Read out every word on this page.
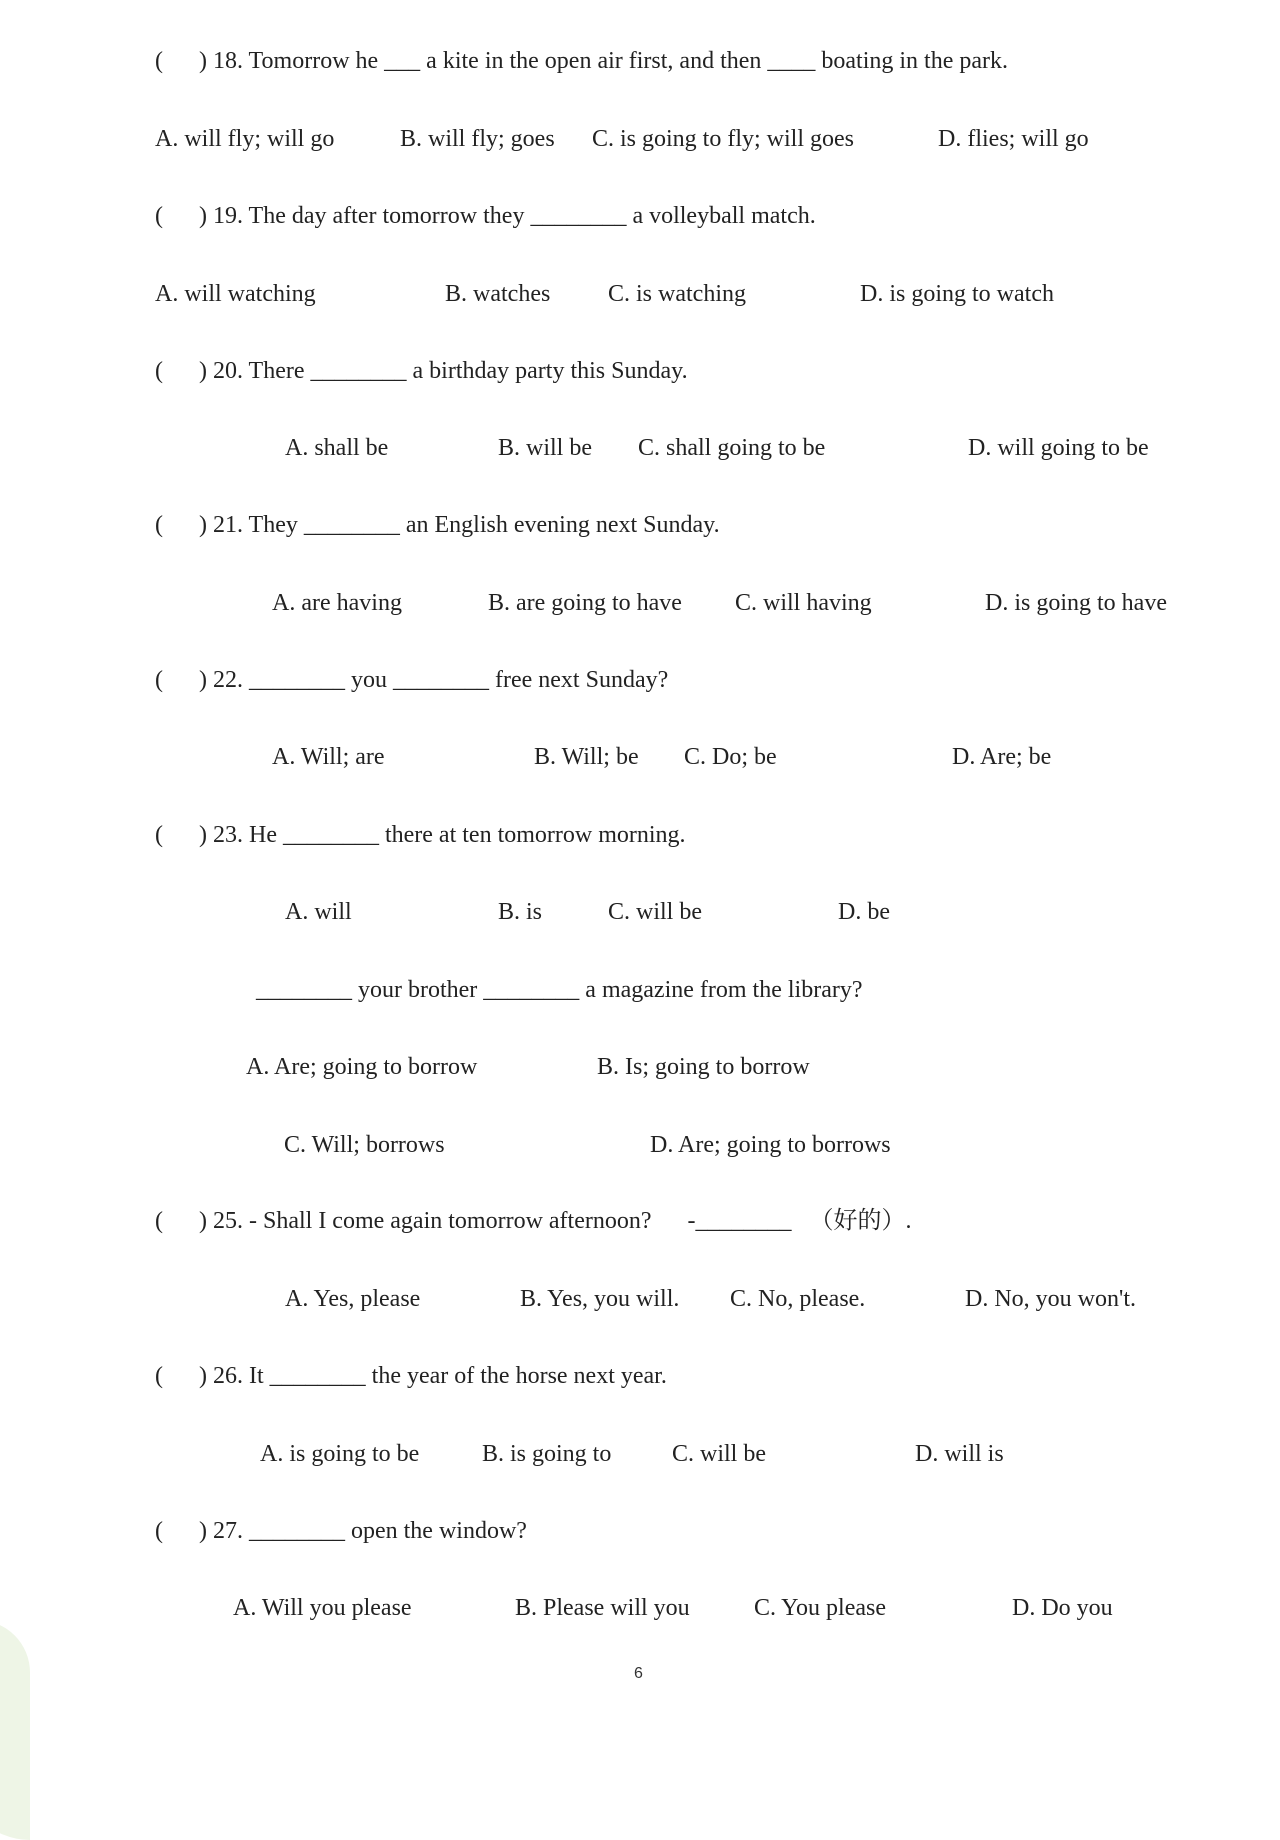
(      ) 18. Tomorrow he ___ a kite in the open air first, and then ____ boating in the park.
A. will fly; will go	B. will fly; goes C. is going to fly; will goes	D. flies; will go
(      ) 19. The day after tomorrow they ________ a volleyball match.
A. will watching	B. watches C. is watching	D. is going to watch
(      ) 20. There ________ a birthday party this Sunday.
A. shall be	B. will be C. shall going to be	D. will going to be
(      ) 21. They ________ an English evening next Sunday.
A. are having	B. are going to have C. will having	D. is going to have
(      ) 22. ________ you ________ free next Sunday?
A. Will; are	B. Will; be C. Do; be	D. Are; be
(      ) 23. He ________ there at ten tomorrow morning.
A. will	B. is	C. will be	D. be
________ your brother ________ a magazine from the library?
A. Are; going to borrow	B. Is; going to borrow
C. Will; borrows	D. Are; going to borrows
(      ) 25. - Shall I come again tomorrow afternoon?      -________   （好的）.
A. Yes, please	B. Yes, you will. C. No, please.	D. No, you won't.
(      ) 26. It ________ the year of the horse next year.
A. is going to be	B. is going to	C. will be	D. will is
(      ) 27. ________ open the window?
A. Will you please	B. Please will you	C. You please	D. Do you
6
